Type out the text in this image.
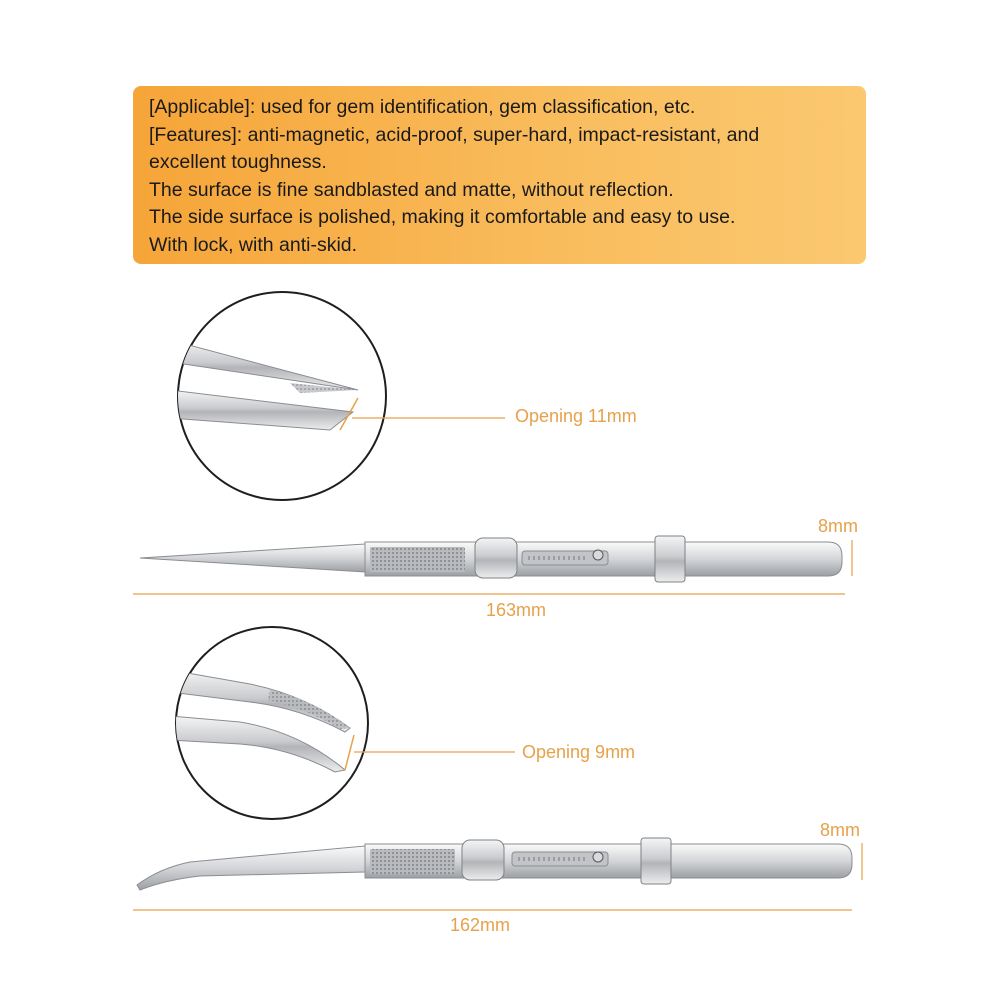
[Applicable]: used for gem identification, gem classification, etc.
[Features]: anti-magnetic, acid-proof, super-hard, impact-resistant, and
excellent toughness.
The surface is fine sandblasted and matte, without reflection.
The side surface is polished, making it comfortable and easy to use.
With lock, with anti-skid.
Opening 11mm
8mm
163mm
Opening 9mm
8mm
162mm
